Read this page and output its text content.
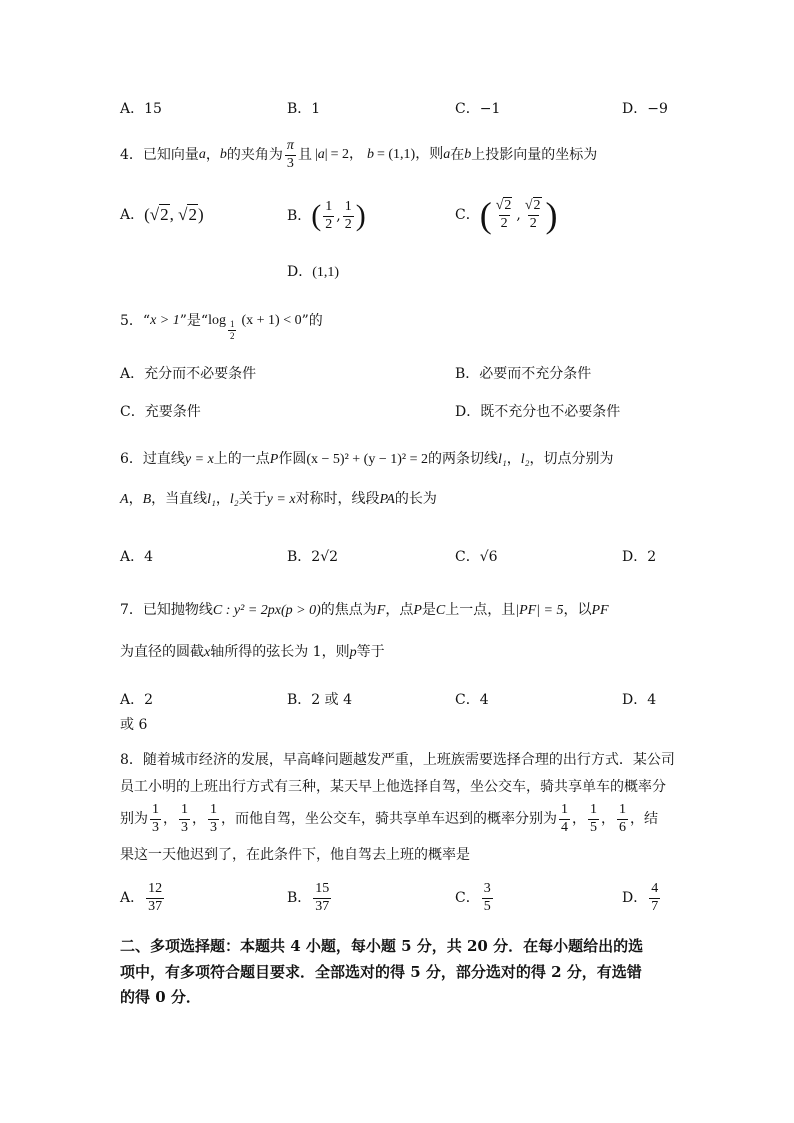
A．15	B．1	C．−1	D．−9
4．已知向量 a ， b 的夹角为 $\frac{\pi}{3}$ 且 |a| = 2， b = (1,1)，则 a 在 b 上投影向量的坐标为
A． (√2, √2)	B． ( $\frac{1}{2}$ , $\frac{1}{2}$ )	C． ( $\frac{√2}{2}$ , $\frac{√2}{2}$ )
D．(1,1)
5．“ x > 1 ”是“ $\log \frac{1}{2} (x + 1) < 0$ ”的
A．充分而不必要条件	B．必要而不充分条件
C．充要条件	D．既不充分也不必要条件
6．过直线y = x上的一点P作圆(x − 5)² + (y − 1)² = 2的两条切线l₁，l₂，切点分别为
A，B，当直线l₁，l₂关于y = x对称时，线段PA的长为
A．4	B．2√2	C．√6	D．2
7．已知抛物线C : y² = 2px(p > 0)的焦点为F，点P是C上一点，且|PF| = 5，以PF
为直径的圆截x轴所得的弦长为 1，则p等于
A．2	B．2 或 4	C．4	D．4
或 6
8．随着城市经济的发展，早高峰问题越发严重，上班族需要选择合理的出行方式．某公司
员工小明的上班出行方式有三种，某天早上他选择自驾，坐公交车，骑共享单车的概率分
别为 $\frac{1}{3}$ ， $\frac{1}{3}$ ， $\frac{1}{3}$ ，而他自驾，坐公交车，骑共享单车迟到的概率分别为 $\frac{1}{4}$ ， $\frac{1}{5}$ ， $\frac{1}{6}$ ，结
果这一天他迟到了，在此条件下，他自驾去上班的概率是
A． $\frac{12}{37}$	B． $\frac{15}{37}$	C． $\frac{3}{5}$	D． $\frac{4}{7}$
二、多项选择题：本题共 4 小题，每小题 5 分，共 20 分．在每小题给出的选
项中，有多项符合题目要求．全部选对的得 5 分，部分选对的得 2 分，有选错
的得 0 分．
